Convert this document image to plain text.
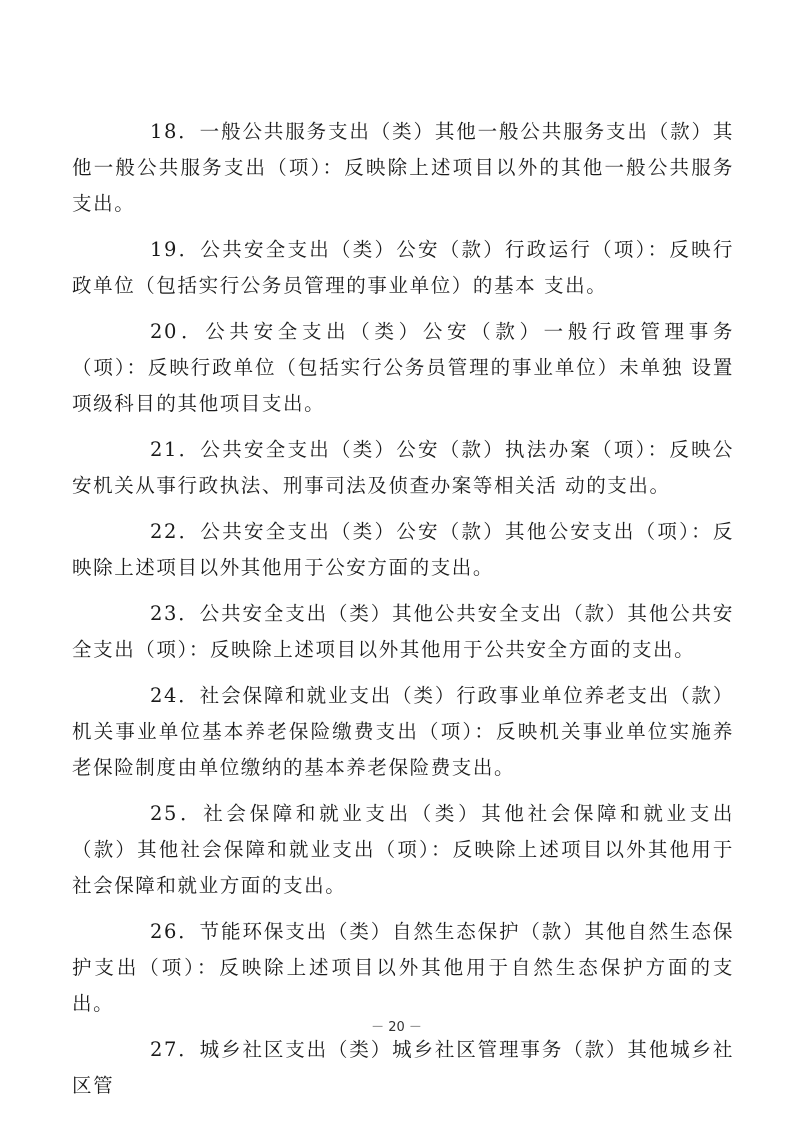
18．一般公共服务支出（类）其他一般公共服务支出（款）其他一般公共服务支出（项）：反映除上述项目以外的其他一般公共服务支出。

19．公共安全支出（类）公安（款）行政运行（项）：反映行政单位（包括实行公务员管理的事业单位）的基本 支出。

20．公共安全支出（类）公安（款）一般行政管理事务（项）：反映行政单位（包括实行公务员管理的事业单位）未单独 设置项级科目的其他项目支出。

21．公共安全支出（类）公安（款）执法办案（项）：反映公安机关从事行政执法、刑事司法及侦查办案等相关活 动的支出。

22．公共安全支出（类）公安（款）其他公安支出（项）：反映除上述项目以外其他用于公安方面的支出。

23．公共安全支出（类）其他公共安全支出（款）其他公共安全支出（项）：反映除上述项目以外其他用于公共安全方面的支出。

24．社会保障和就业支出（类）行政事业单位养老支出（款）机关事业单位基本养老保险缴费支出（项）：反映机关事业单位实施养老保险制度由单位缴纳的基本养老保险费支出。

25．社会保障和就业支出（类）其他社会保障和就业支出（款）其他社会保障和就业支出（项）：反映除上述项目以外其他用于社会保障和就业方面的支出。

26．节能环保支出（类）自然生态保护（款）其他自然生态保护支出（项）：反映除上述项目以外其他用于自然生态保护方面的支出。

27．城乡社区支出（类）城乡社区管理事务（款）其他城乡社区管

－ 20 －
